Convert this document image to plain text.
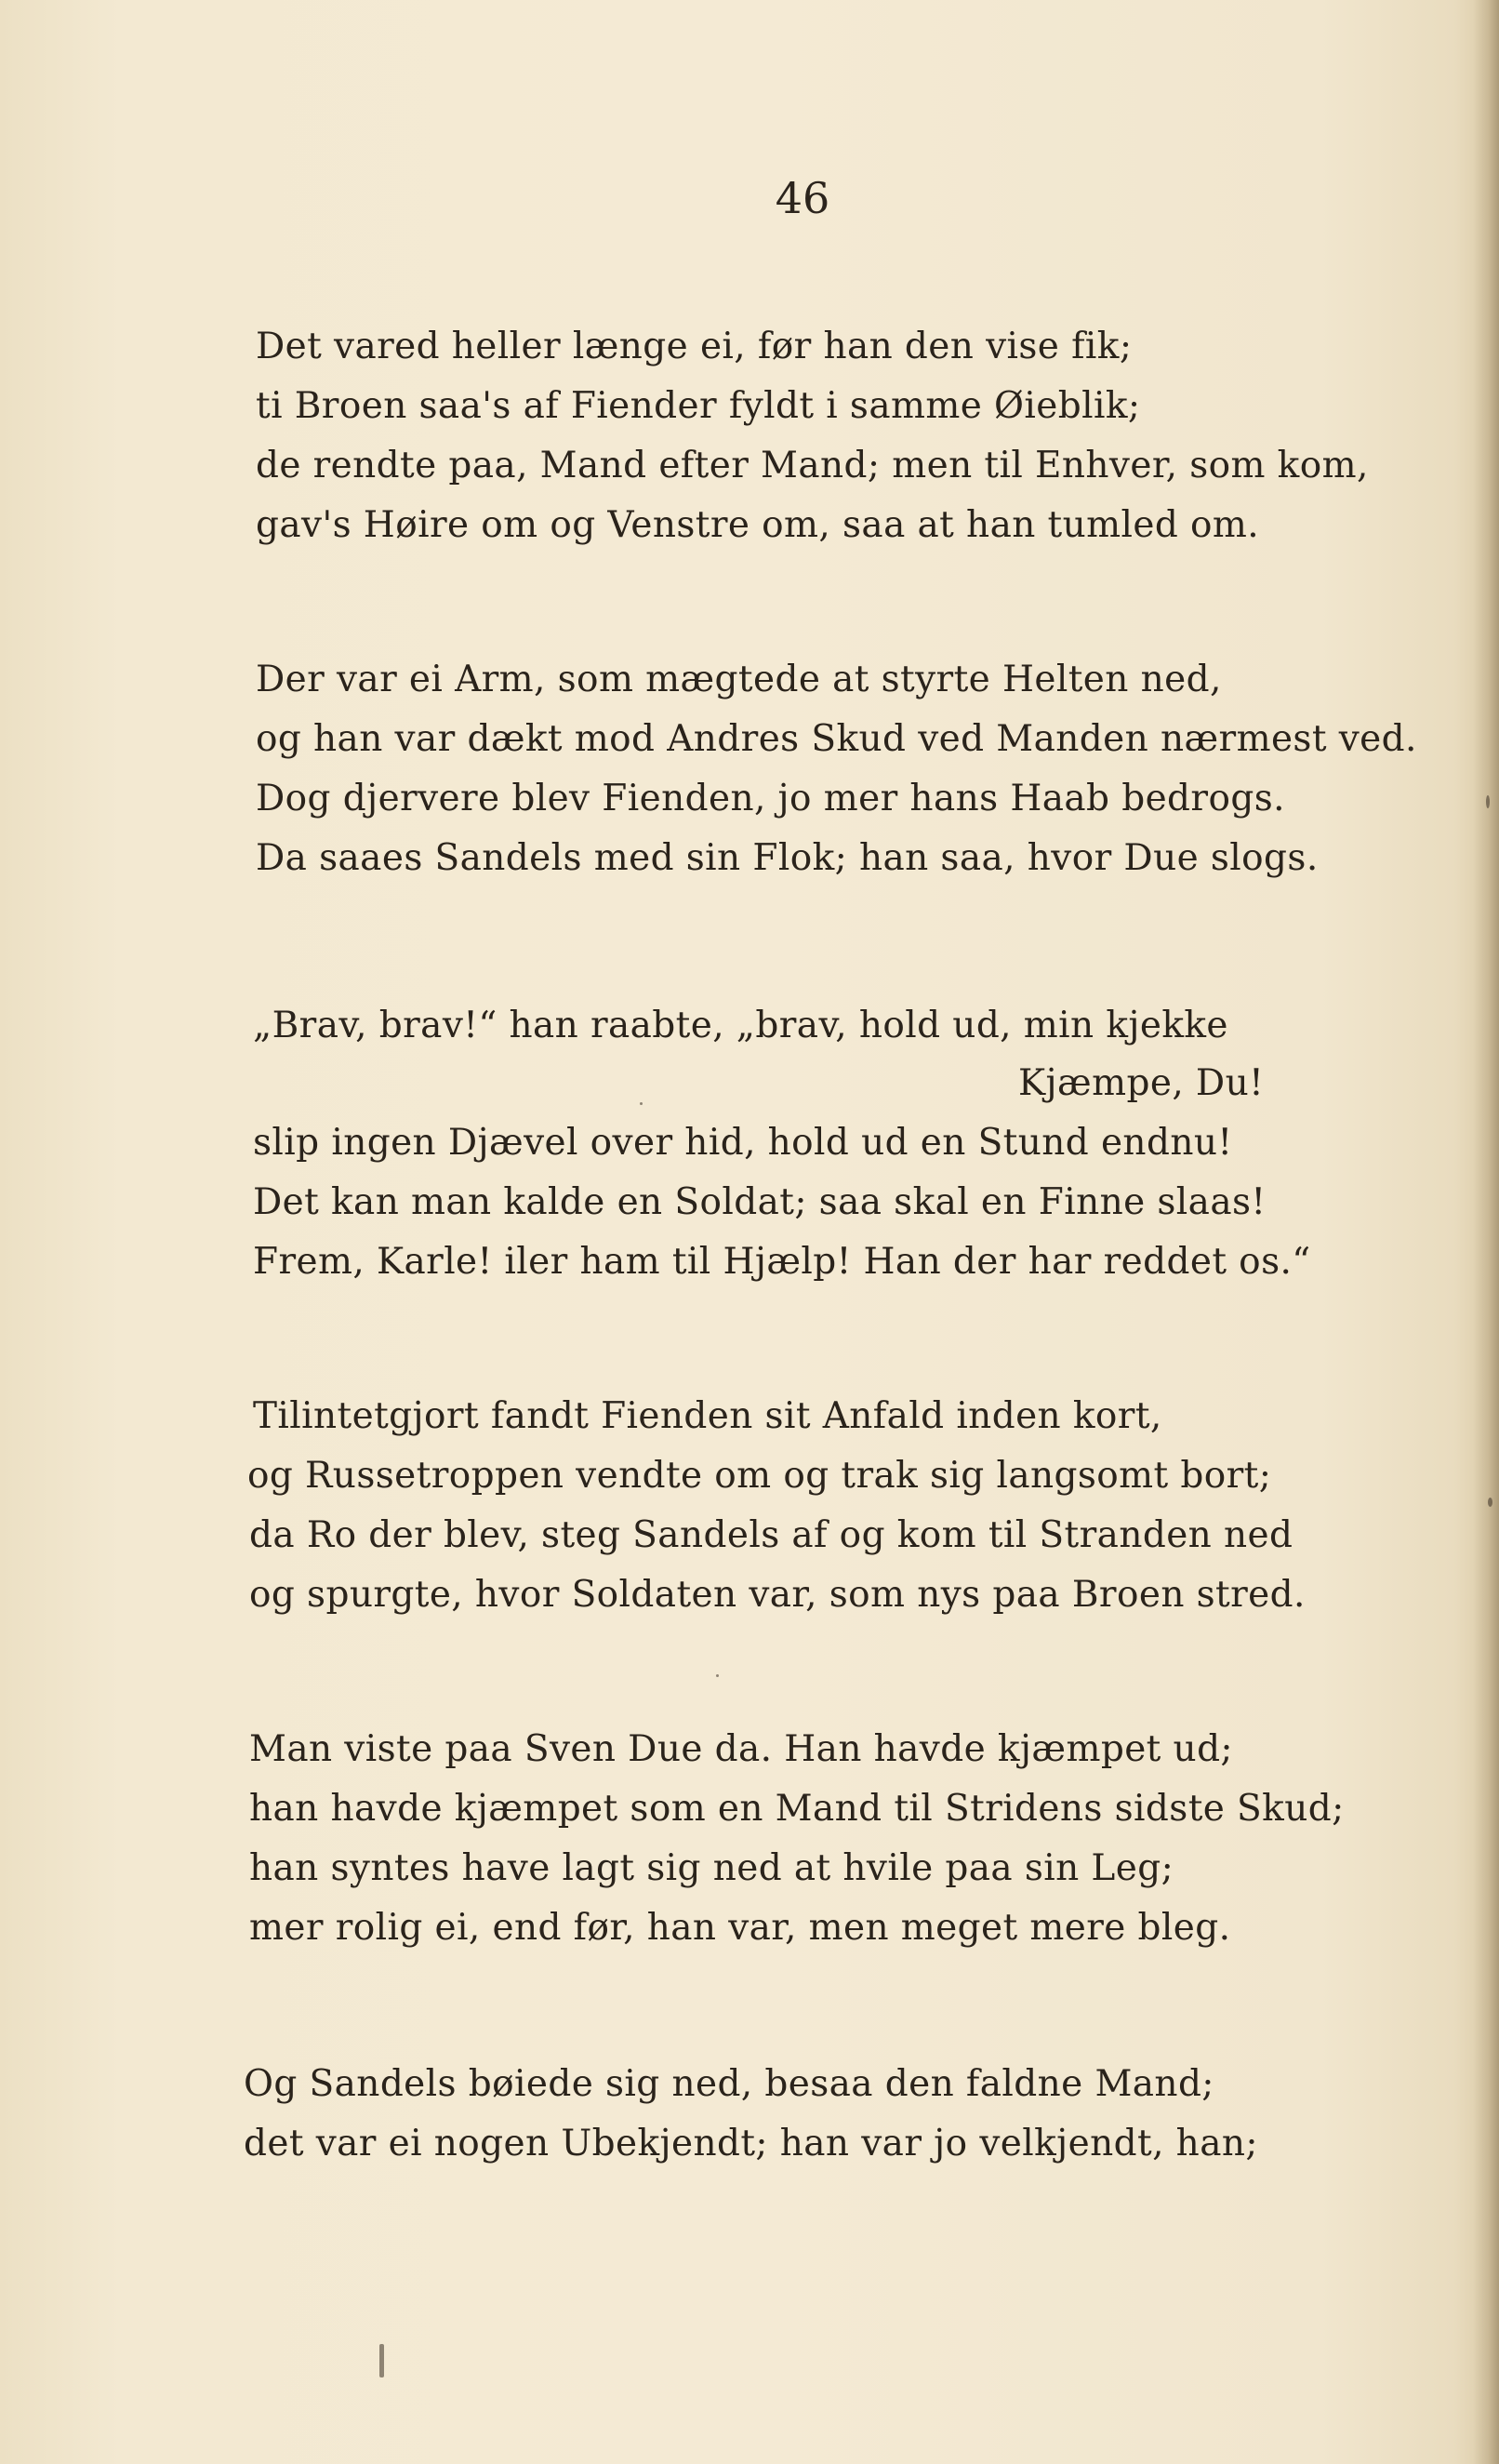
46
Det vared heller længe ei, før han den vise fik;
ti Broen saa's af Fiender fyldt i samme Øieblik;
de rendte paa, Mand efter Mand; men til Enhver, som kom,
gav's Høire om og Venstre om, saa at han tumled om.
Der var ei Arm, som mægtede at styrte Helten ned,
og han var dækt mod Andres Skud ved Manden nærmest ved.
Dog djervere blev Fienden, jo mer hans Haab bedrogs.
Da saaes Sandels med sin Flok; han saa, hvor Due slogs.
„Brav, brav!“ han raabte, „brav, hold ud, min kjekke
Kjæmpe, Du!
slip ingen Djævel over hid, hold ud en Stund endnu!
Det kan man kalde en Soldat; saa skal en Finne slaas!
Frem, Karle! iler ham til Hjælp! Han der har reddet os.“
Tilintetgjort fandt Fienden sit Anfald inden kort,
og Russetroppen vendte om og trak sig langsomt bort;
da Ro der blev, steg Sandels af og kom til Stranden ned
og spurgte, hvor Soldaten var, som nys paa Broen stred.
Man viste paa Sven Due da. Han havde kjæmpet ud;
han havde kjæmpet som en Mand til Stridens sidste Skud;
han syntes have lagt sig ned at hvile paa sin Leg;
mer rolig ei, end før, han var, men meget mere bleg.
Og Sandels bøiede sig ned, besaa den faldne Mand;
det var ei nogen Ubekjendt; han var jo velkjendt, han;
